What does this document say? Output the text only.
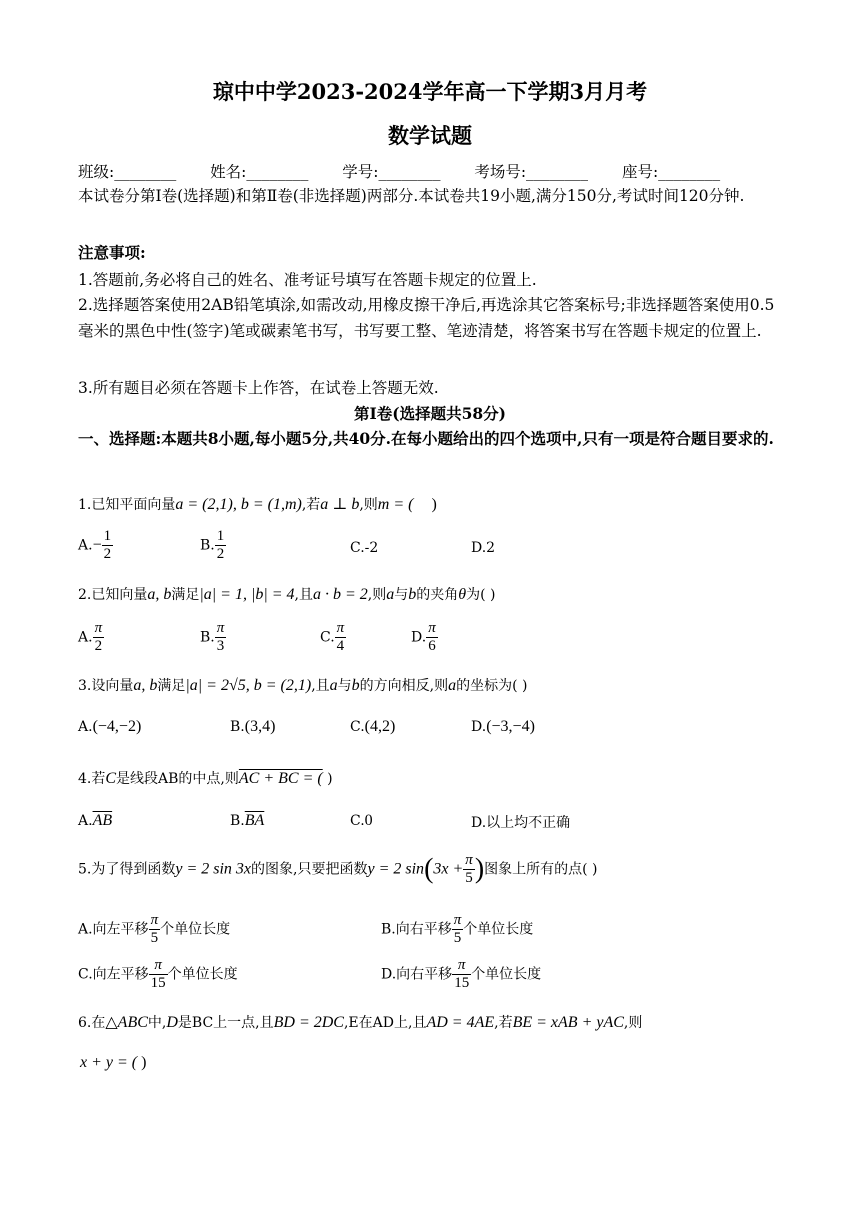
琼中中学2023-2024学年高一下学期3月月考
数学试题
班级:________ 姓名:________ 学号:________ 考场号:________ 座号:________
本试卷分第Ⅰ卷(选择题)和第Ⅱ卷(非选择题)两部分.本试卷共19小题,满分150分,考试时间120分钟.
注意事项:
1.答题前,务必将自己的姓名、准考证号填写在答题卡规定的位置上.
2.选择题答案使用2AB铅笔填涂,如需改动,用橡皮擦干净后,再选涂其它答案标号;非选择题答案使用0.5毫米的黑色中性(签字)笔或碳素笔书写，书写要工整、笔迹清楚，将答案书写在答题卡规定的位置上.
3.所有题目必须在答题卡上作答，在试卷上答题无效.
第I卷(选择题共58分)
一、选择题:本题共8小题,每小题5分,共40分.在每小题给出的四个选项中,只有一项是符合题目要求的.
1.已知平面向量a = (2,1), b = (1,m),若a ⊥ b,则m = ( )
$A.- \frac{1}{2}$	B. $\frac{1}{2}$	C.-2	D.2
2.已知向量a, b满足|a| = 1, |b| = 4,且a · b = 2,则a与b的夹角θ为( )
A. $\frac{\pi}{2}$	B. $\frac{\pi}{3}$	C. $\frac{\pi}{4}$	D. $\frac{\pi}{6}$
3.设向量a, b满足|a| = 2√5, b = (2,1),且a与b的方向相反,则a的坐标为( )
A.(−4,−2)	B.(3,4)	C.(4,2)	D.(−3,−4)
4.若C是线段AB的中点,则AC + BC = ( )
$A.\overline{AB}$	$B.\overline{BA}$	C.0	D.以上均不正确
5.为了得到函数y = 2 sin 3x的图象,只要把函数y = 2 $\sin(3x + \frac{\pi}{5}$ )图象上所有的点( )
A.向左平移 $\frac{\pi}{5}$ 个单位长度	B.向右平移 $\frac{\pi}{5}$ 个单位长度
C.向左平移 $\frac{\pi}{15}$ 个单位长度	D.向右平移 $\frac{\pi}{15}$ 个单位长度
6.在△ABC中,D是BC上一点,且BD = 2DC,E在AD上,且AD = 4AE,若BE = xAB + yAC,则
x + y = ( )
